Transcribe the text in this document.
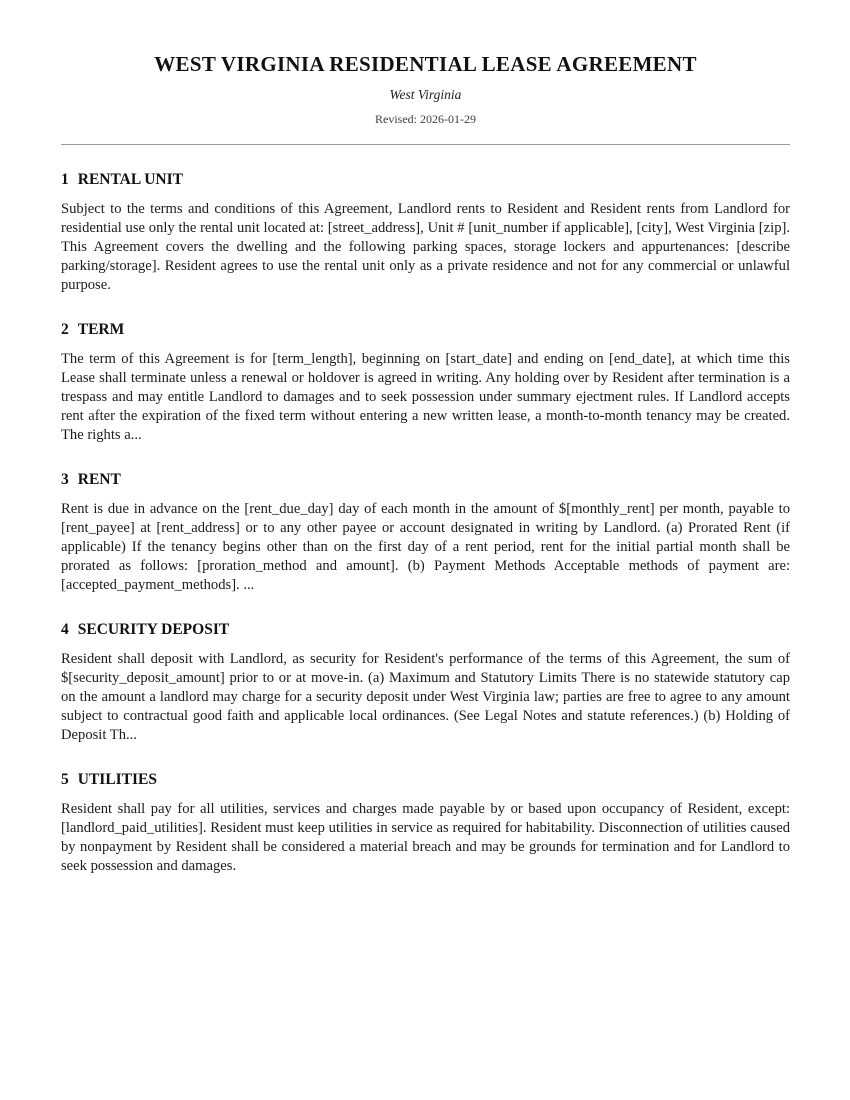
WEST VIRGINIA RESIDENTIAL LEASE AGREEMENT
West Virginia
Revised: 2026-01-29
1 RENTAL UNIT

Subject to the terms and conditions of this Agreement, Landlord rents to Resident and Resident rents from Landlord for residential use only the rental unit located at: [street_address], Unit # [unit_number if applicable], [city], West Virginia [zip]. This Agreement covers the dwelling and the following parking spaces, storage lockers and appurtenances: [describe parking/storage]. Resident agrees to use the rental unit only as a private residence and not for any commercial or unlawful purpose.

2 TERM

The term of this Agreement is for [term_length], beginning on [start_date] and ending on [end_date], at which time this Lease shall terminate unless a renewal or holdover is agreed in writing. Any holding over by Resident after termination is a trespass and may entitle Landlord to damages and to seek possession under summary ejectment rules. If Landlord accepts rent after the expiration of the fixed term without entering a new written lease, a month-to-month tenancy may be created. The rights a...

3 RENT

Rent is due in advance on the [rent_due_day] day of each month in the amount of $[monthly_rent] per month, payable to [rent_payee] at [rent_address] or to any other payee or account designated in writing by Landlord. (a) Prorated Rent (if applicable) If the tenancy begins other than on the first day of a rent period, rent for the initial partial month shall be prorated as follows: [proration_method and amount]. (b) Payment Methods Acceptable methods of payment are: [accepted_payment_methods]. ...

4 SECURITY DEPOSIT

Resident shall deposit with Landlord, as security for Resident's performance of the terms of this Agreement, the sum of $[security_deposit_amount] prior to or at move-in. (a) Maximum and Statutory Limits There is no statewide statutory cap on the amount a landlord may charge for a security deposit under West Virginia law; parties are free to agree to any amount subject to contractual good faith and applicable local ordinances. (See Legal Notes and statute references.) (b) Holding of Deposit Th...

5 UTILITIES

Resident shall pay for all utilities, services and charges made payable by or based upon occupancy of Resident, except: [landlord_paid_utilities]. Resident must keep utilities in service as required for habitability. Disconnection of utilities caused by nonpayment by Resident shall be considered a material breach and may be grounds for termination and for Landlord to seek possession and damages.
